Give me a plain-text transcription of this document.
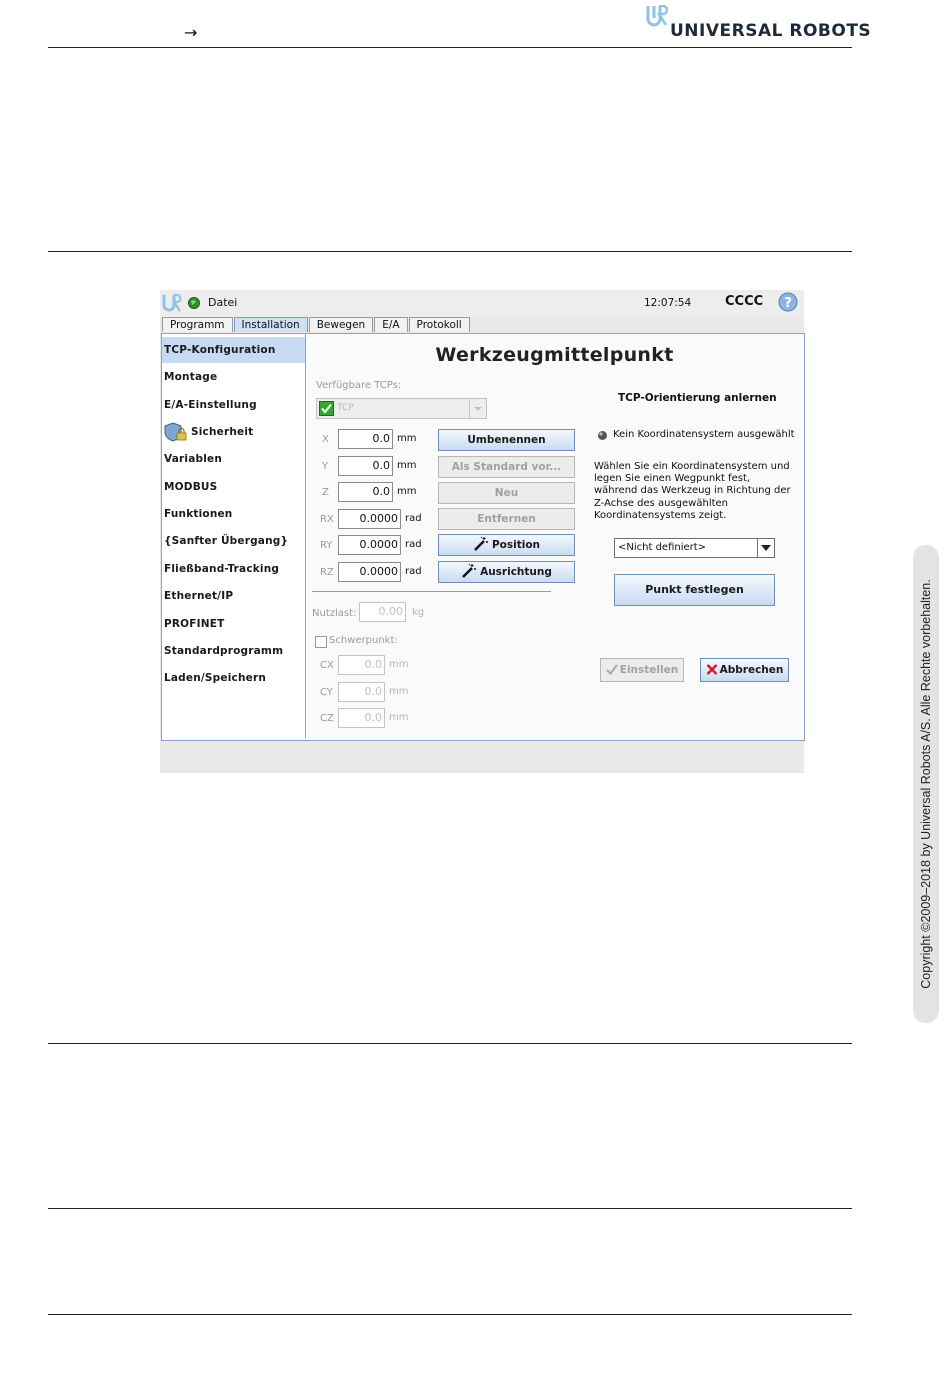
→	UNIVERSAL ROBOTS
Copyright ©2009–2018 by Universal Robots A/S. Alle Rechte vorbehalten.
Datei	12:07:54	CCCC ?
Programm	Installation	Bewegen	E/A	Protokoll
TCP-Konfiguration
Montage
E/A-Einstellung
Sicherheit
Variablen
MODBUS
Funktionen
{Sanfter Übergang}
Fließband-Tracking
Ethernet/IP
PROFINET
Standardprogramm
Laden/Speichern
Werkzeugmittelpunkt
Verfügbare TCPs:
TCP
X	0.0 mm
Y	0.0 mm
Z	0.0 mm
RX	0.0000 rad
RY	0.0000 rad
RZ	0.0000 rad
Umbenennen
Als Standard vor...
Neu
Entfernen
Position
Ausrichtung
Nutzlast:	0.00 kg
Schwerpunkt:
CX	0.0 mm
CY	0.0 mm
CZ	0.0 mm
TCP-Orientierung anlernen
Kein Koordinatensystem ausgewählt
Wählen Sie ein Koordinatensystem und
legen Sie einen Wegpunkt fest,
während das Werkzeug in Richtung der
Z-Achse des ausgewählten
Koordinatensystems zeigt.
<Nicht definiert>
Punkt festlegen
Einstellen	Abbrechen
